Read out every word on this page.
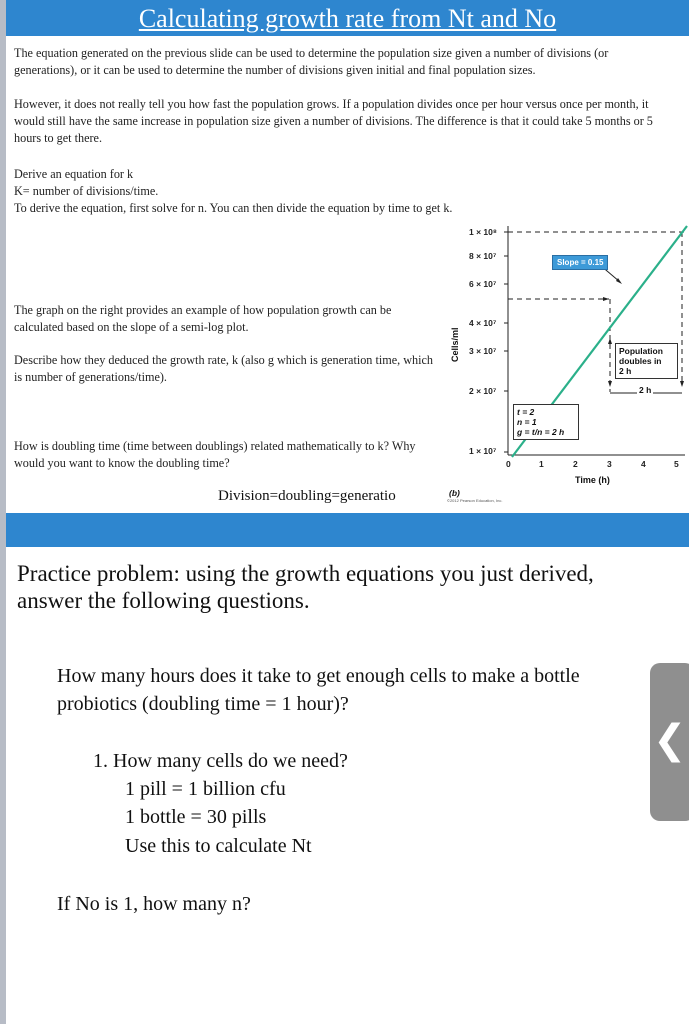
Calculating growth rate from Nt and No
The equation generated on the previous slide can be used to determine the population size given a number of divisions (or generations), or it can be used to determine the number of divisions given initial and final population sizes.
However, it does not really tell you how fast the population grows. If a population divides once per hour versus once per month, it would still have the same increase in population size given a number of divisions. The difference is that it could take 5 months or 5 hours to get there.
Derive an equation for k
K= number of divisions/time.
To derive the equation, first solve for n. You can then divide the equation by time to get k.
The graph on the right provides an example of how population growth can be calculated based on the slope of a semi-log plot.
Describe how they deduced the growth rate, k (also g which is generation time, which is number of generations/time).
How is doubling time (time between doublings) related mathematically to k? Why would you want to know the doubling time?
Division=doubling=generatio
1 × 10⁸
8 × 10⁷
6 × 10⁷
4 × 10⁷
3 × 10⁷
2 × 10⁷
1 × 10⁷
0	1	2	3	4	5
Cells/ml
Time (h)
Slope = 0.15
Population
doubles in
2 h
2 h
t = 2
n = 1
g = t/n = 2 h
(b)
©2012 Pearson Education, Inc.
Practice problem: using the growth equations you just derived, answer the following questions.
How many hours does it take to get enough cells to make a bottle
probiotics (doubling time = 1 hour)?
1. How many cells do we need?
1 pill = 1 billion cfu
1 bottle = 30 pills
Use this to calculate Nt
If No is 1, how many n?
❮
